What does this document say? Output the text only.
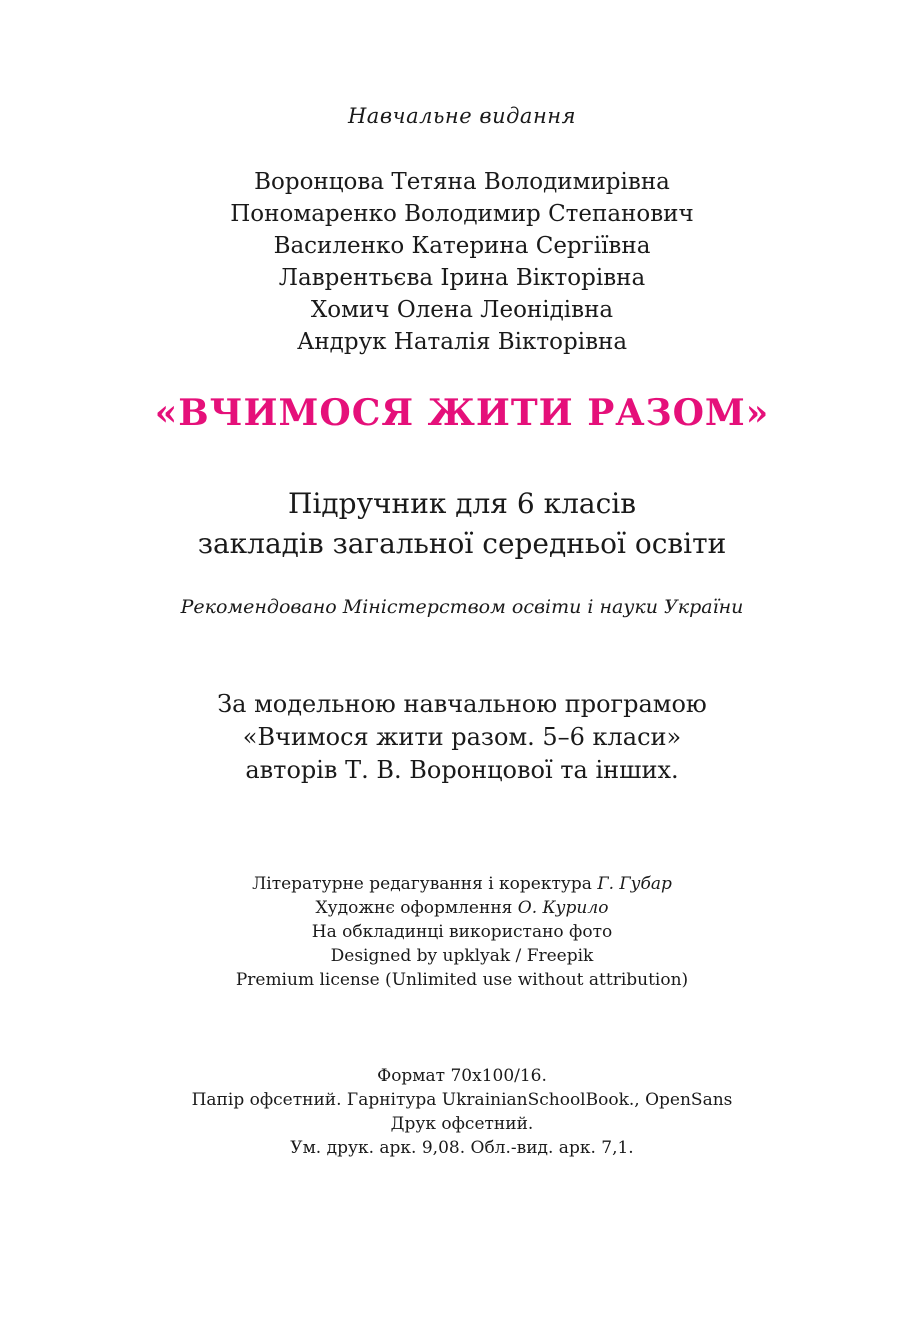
Навчальне видання
Воронцова Тетяна Володимирівна
Пономаренко Володимир Степанович
Василенко Катерина Сергіївна
Лаврентьєва Ірина Вікторівна
Хомич Олена Леонідівна
Андрук Наталія Вікторівна
«ВЧИМОСЯ ЖИТИ РАЗОМ»
Підручник для 6 класів
закладів загальної середньої освіти
Рекомендовано Міністерством освіти і науки України
За модельною навчальною програмою
«Вчимося жити разом. 5–6 класи»
авторів Т. В. Воронцової та інших.
Літературне редагування і коректура Г. Губар
Художнє оформлення О. Курило
На обкладинці використано фото
Designed by upklyak / Freepik
Premium license (Unlimited use without attribution)
Формат 70х100/16.
Папір офсетний. Гарнітура UkrainianSchoolBook., OpenSans
Друк офсетний.
Ум. друк. арк. 9,08. Обл.-вид. арк. 7,1.
